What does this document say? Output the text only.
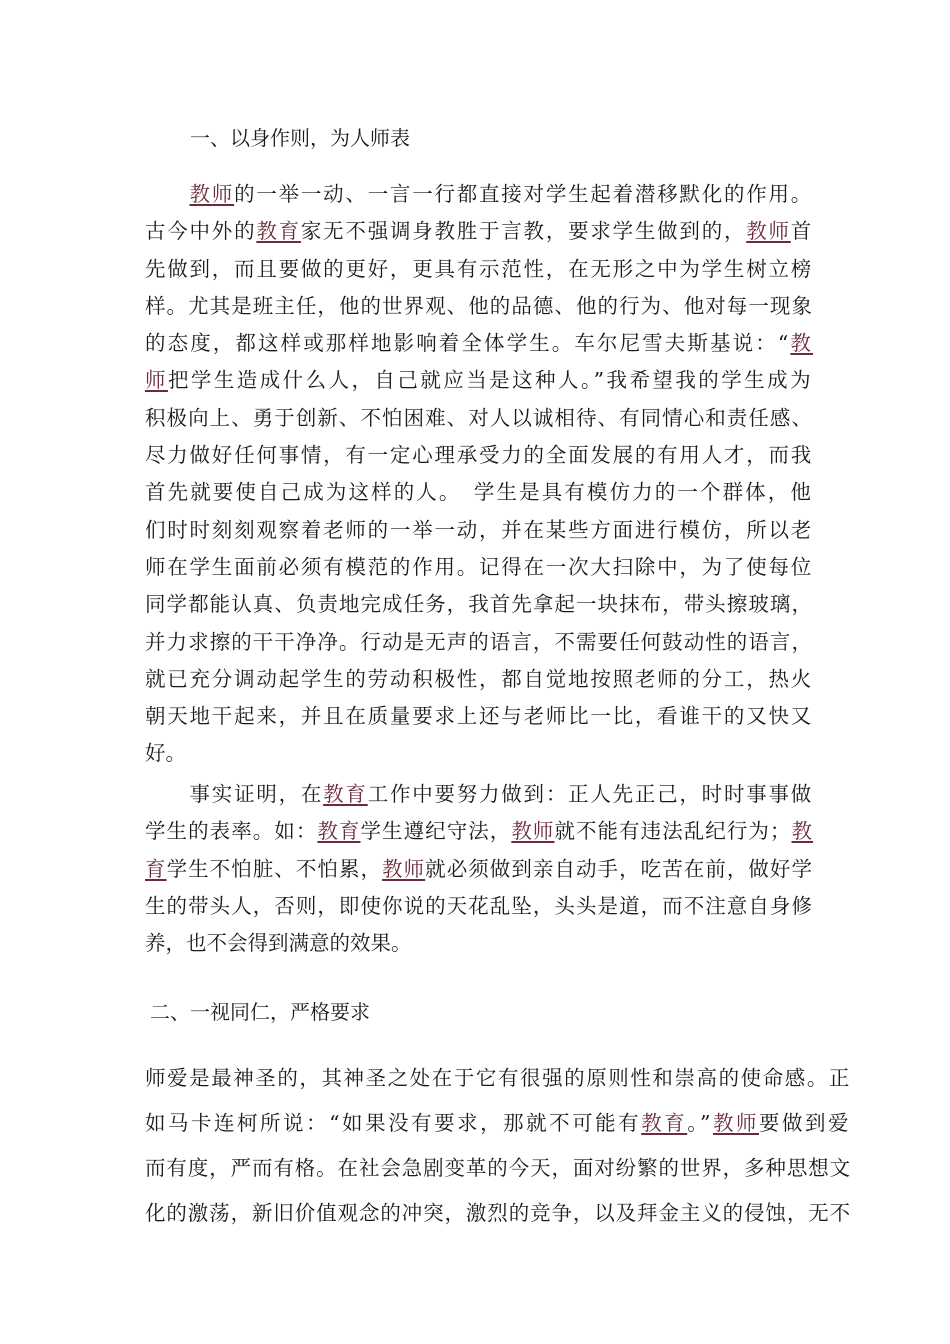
一、以身作则，为人师表
　　教师的一举一动、一言一行都直接对学生起着潜移默化的作用。
古今中外的教育家无不强调身教胜于言教，要求学生做到的，教师首
先做到，而且要做的更好，更具有示范性，在无形之中为学生树立榜
样。尤其是班主任，他的世界观、他的品德、他的行为、他对每一现象
的态度，都这样或那样地影响着全体学生。车尔尼雪夫斯基说：“教
师把学生造成什么人，自己就应当是这种人。”我希望我的学生成为
积极向上、勇于创新、不怕困难、对人以诚相待、有同情心和责任感、
尽力做好任何事情，有一定心理承受力的全面发展的有用人才，而我
首先就要使自己成为这样的人。　学生是具有模仿力的一个群体，他
们时时刻刻观察着老师的一举一动，并在某些方面进行模仿，所以老
师在学生面前必须有模范的作用。记得在一次大扫除中，为了使每位
同学都能认真、负责地完成任务，我首先拿起一块抹布，带头擦玻璃，
并力求擦的干干净净。行动是无声的语言，不需要任何鼓动性的语言，
就已充分调动起学生的劳动积极性，都自觉地按照老师的分工，热火
朝天地干起来，并且在质量要求上还与老师比一比，看谁干的又快又
好。
　　事实证明，在教育工作中要努力做到：正人先正己，时时事事做
学生的表率。如：教育学生遵纪守法，教师就不能有违法乱纪行为；教
育学生不怕脏、不怕累，教师就必须做到亲自动手，吃苦在前，做好学
生的带头人，否则，即使你说的天花乱坠，头头是道，而不注意自身修
养，也不会得到满意的效果。
二、一视同仁，严格要求
师爱是最神圣的，其神圣之处在于它有很强的原则性和崇高的使命感。正
如马卡连柯所说：“如果没有要求，那就不可能有教育。”教师要做到爱
而有度，严而有格。在社会急剧变革的今天，面对纷繁的世界，多种思想文
化的激荡，新旧价值观念的冲突，激烈的竞争，以及拜金主义的侵蚀，无不
